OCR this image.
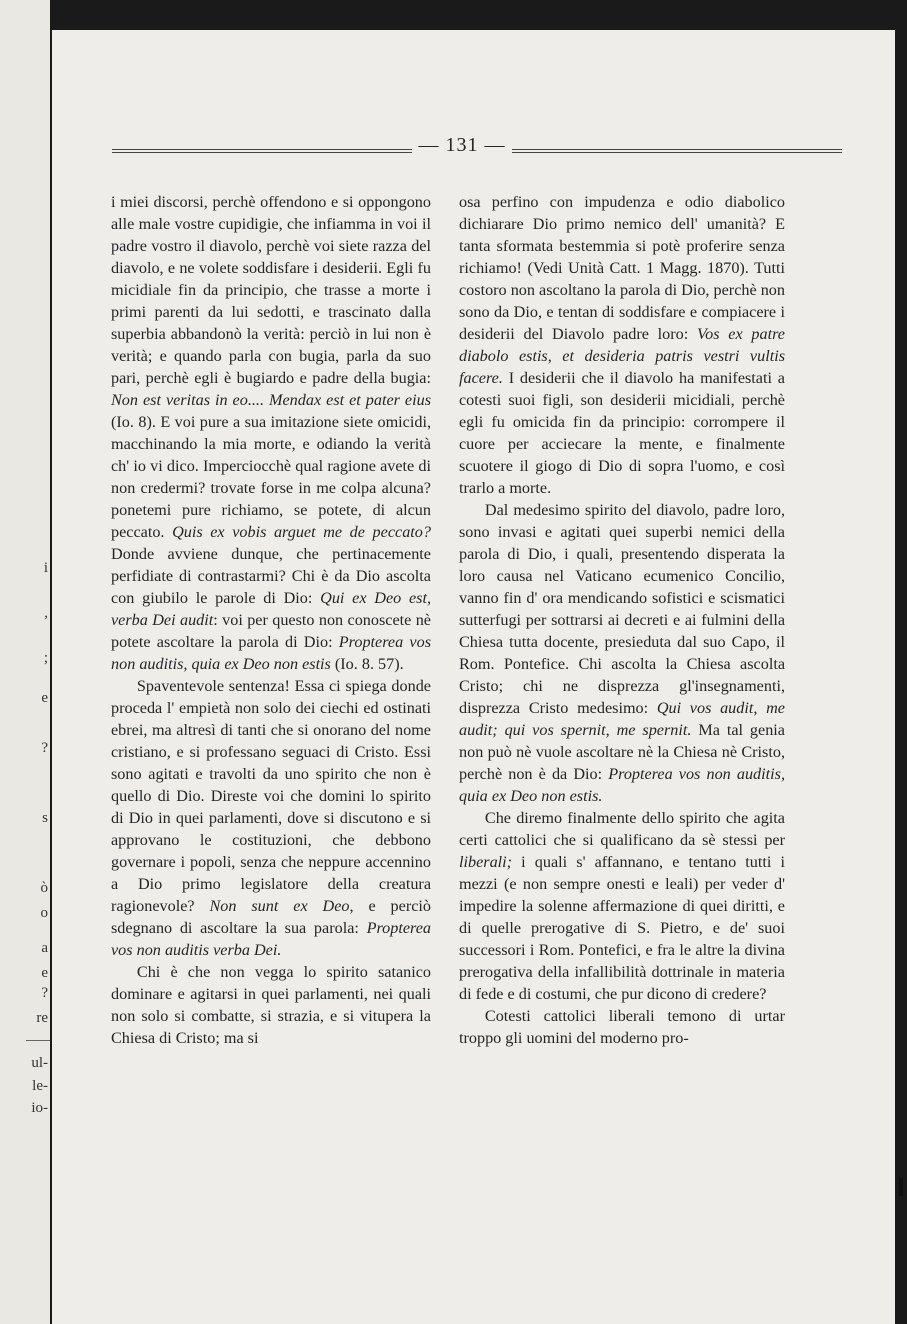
i
,
;
e
?
s
ò
o
a
e
?
re
ul-
le-
io-
— 131 —

i miei discorsi, perchè offendono e si oppongono alle male vostre cupidigie, che infiamma in voi il padre vostro il diavolo, perchè voi siete razza del diavolo, e ne volete soddisfare i desiderii. Egli fu micidiale fin da principio, che trasse a morte i primi parenti da lui sedotti, e trascinato dalla superbia abbandonò la verità: perciò in lui non è verità; e quando parla con bugia, parla da suo pari, perchè egli è bugiardo e padre della bugia: Non est veritas in eo.... Mendax est et pater eius (Io. 8). E voi pure a sua imitazione siete omicidi, macchinando la mia morte, e odiando la verità ch' io vi dico. Imperciocchè qual ragione avete di non credermi? trovate forse in me colpa alcuna? ponetemi pure richiamo, se potete, di alcun peccato. Quis ex vobis arguet me de peccato? Donde avviene dunque, che pertinacemente perfidiate di contrastarmi? Chi è da Dio ascolta con giubilo le parole di Dio: Qui ex Deo est, verba Dei audit: voi per questo non conoscete nè potete ascoltare la parola di Dio: Propterea vos non auditis, quia ex Deo non estis (Io. 8. 57).

Spaventevole sentenza! Essa ci spiega donde proceda l' empietà non solo dei ciechi ed ostinati ebrei, ma altresì di tanti che si onorano del nome cristiano, e si professano seguaci di Cristo. Essi sono agitati e travolti da uno spirito che non è quello di Dio. Direste voi che domini lo spirito di Dio in quei parlamenti, dove si discutono e si approvano le costituzioni, che debbono governare i popoli, senza che neppure accennino a Dio primo legislatore della creatura ragionevole? Non sunt ex Deo, e perciò sdegnano di ascoltare la sua parola: Propterea vos non auditis verba Dei.

Chi è che non vegga lo spirito satanico dominare e agitarsi in quei parlamenti, nei quali non solo si combatte, si strazia, e si vitupera la Chiesa di Cristo; ma si

osa perfino con impudenza e odio diabolico dichiarare Dio primo nemico dell' umanità? E tanta sformata bestemmia si potè proferire senza richiamo! (Vedi Unità Catt. 1 Magg. 1870). Tutti costoro non ascoltano la parola di Dio, perchè non sono da Dio, e tentan di soddisfare e compiacere i desiderii del Diavolo padre loro: Vos ex patre diabolo estis, et desideria patris vestri vultis facere. I desiderii che il diavolo ha manifestati a cotesti suoi figli, son desiderii micidiali, perchè egli fu omicida fin da principio: corrompere il cuore per acciecare la mente, e finalmente scuotere il giogo di Dio di sopra l'uomo, e così trarlo a morte.

Dal medesimo spirito del diavolo, padre loro, sono invasi e agitati quei superbi nemici della parola di Dio, i quali, presentendo disperata la loro causa nel Vaticano ecumenico Concilio, vanno fin d' ora mendicando sofistici e scismatici sutterfugi per sottrarsi ai decreti e ai fulmini della Chiesa tutta docente, presieduta dal suo Capo, il Rom. Pontefice. Chi ascolta la Chiesa ascolta Cristo; chi ne disprezza gl'insegnamenti, disprezza Cristo medesimo: Qui vos audit, me audit; qui vos spernit, me spernit. Ma tal genia non può nè vuole ascoltare nè la Chiesa nè Cristo, perchè non è da Dio: Propterea vos non auditis, quia ex Deo non estis.

Che diremo finalmente dello spirito che agita certi cattolici che si qualificano da sè stessi per liberali; i quali s' affannano, e tentano tutti i mezzi (e non sempre onesti e leali) per veder d' impedire la solenne affermazione di quei diritti, e di quelle prerogative di S. Pietro, e de' suoi successori i Rom. Pontefici, e fra le altre la divina prerogativa della infallibilità dottrinale in materia di fede e di costumi, che pur dicono di credere?

Cotesti cattolici liberali temono di urtar troppo gli uomini del moderno pro-
